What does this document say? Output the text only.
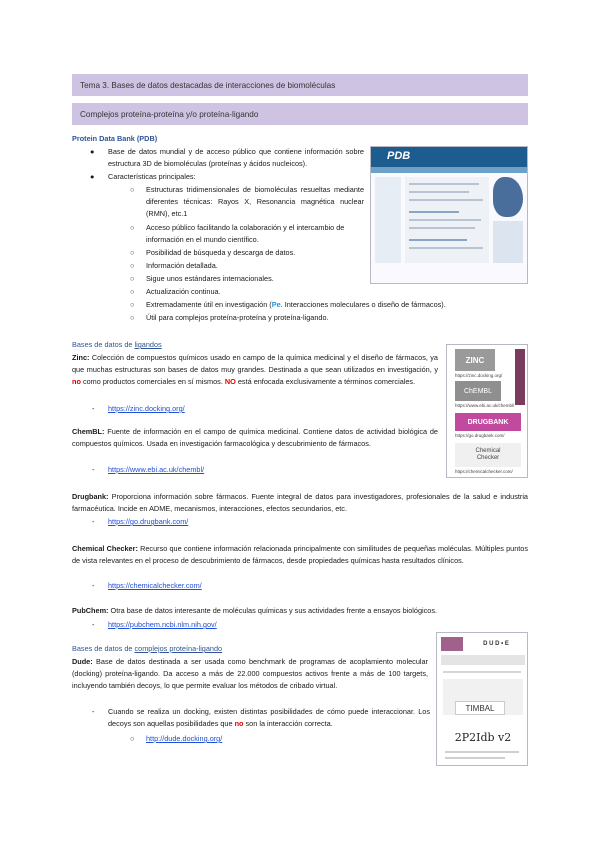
Tema 3. Bases de datos destacadas de interacciones de biomoléculas
Complejos proteína-proteína y/o proteína-ligando
Protein Data Bank (PDB)
● Base de datos mundial y de acceso público que contiene información sobre estructura 3D de biomoléculas (proteínas y ácidos nucleicos).
● Características principales:
○ Estructuras tridimensionales de biomoléculas resueltas mediante diferentes técnicas: Rayos X, Resonancia magnética nuclear (RMN), etc.1
○ Acceso público facilitando la colaboración y el intercambio de información en el mundo científico.
○ Posibilidad de búsqueda y descarga de datos.
○ Información detallada.
○ Sigue unos estándares internacionales.
○ Actualización continua.
○ Extremadamente útil en investigación (Pe. Interacciones moleculares o diseño de fármacos).
○ Útil para complejos proteína-proteína y proteína-ligando.
PDB
Bases de datos de ligandos
Zinc: Colección de compuestos químicos usado en campo de la química medicinal y el diseño de fármacos, ya que muchas estructuras son bases de datos muy grandes. Destinada a que sean utilizados en investigación, y no como productos comerciales en sí mismos. NO está enfocada exclusivamente a términos comerciales.
- https://zinc.docking.org/
ChemBL: Fuente de información en el campo de química medicinal. Contiene datos de actividad biológica de compuestos químicos. Usada en investigación farmacológica y descubrimiento de fármacos.
- https://www.ebi.ac.uk/chembl/
Drugbank: Proporciona información sobre fármacos. Fuente integral de datos para investigadores, profesionales de la salud e industria farmacéutica. Incide en ADME, mecanismos, interacciones, efectos secundarios, etc.
- https://go.drugbank.com/
Chemical Checker: Recurso que contiene información relacionada principalmente con similitudes de pequeñas moléculas. Múltiples puntos de vista relevantes en el proceso de descubrimiento de fármacos, desde propiedades químicas hasta resultados clínicos.
- https://chemicalchecker.com/
PubChem: Otra base de datos interesante de moléculas químicas y sus actividades frente a ensayos biológicos.
- https://pubchem.ncbi.nlm.nih.gov/
ZINC
https://zinc.docking.org/
ChEMBL
https://www.ebi.ac.uk/chembl/
DRUGBANK
https://go.drugbank.com/
Chemical
Checker
https://chemicalchecker.com/
Bases de datos de complejos proteína-ligando
Dude: Base de datos destinada a ser usada como benchmark de programas de acoplamiento molecular (docking) proteína-ligando. Da acceso a más de 22.000 compuestos activos frente a más de 100 targets, incluyendo también decoys, lo que permite evaluar los métodos de cribado virtual.
- Cuando se realiza un docking, existen distintas posibilidades de cómo puede interaccionar. Los decoys son aquellas posibilidades que no son la interacción correcta.
○ http://dude.docking.org/
D U D • E
TIMBAL
2P2Idb v2
